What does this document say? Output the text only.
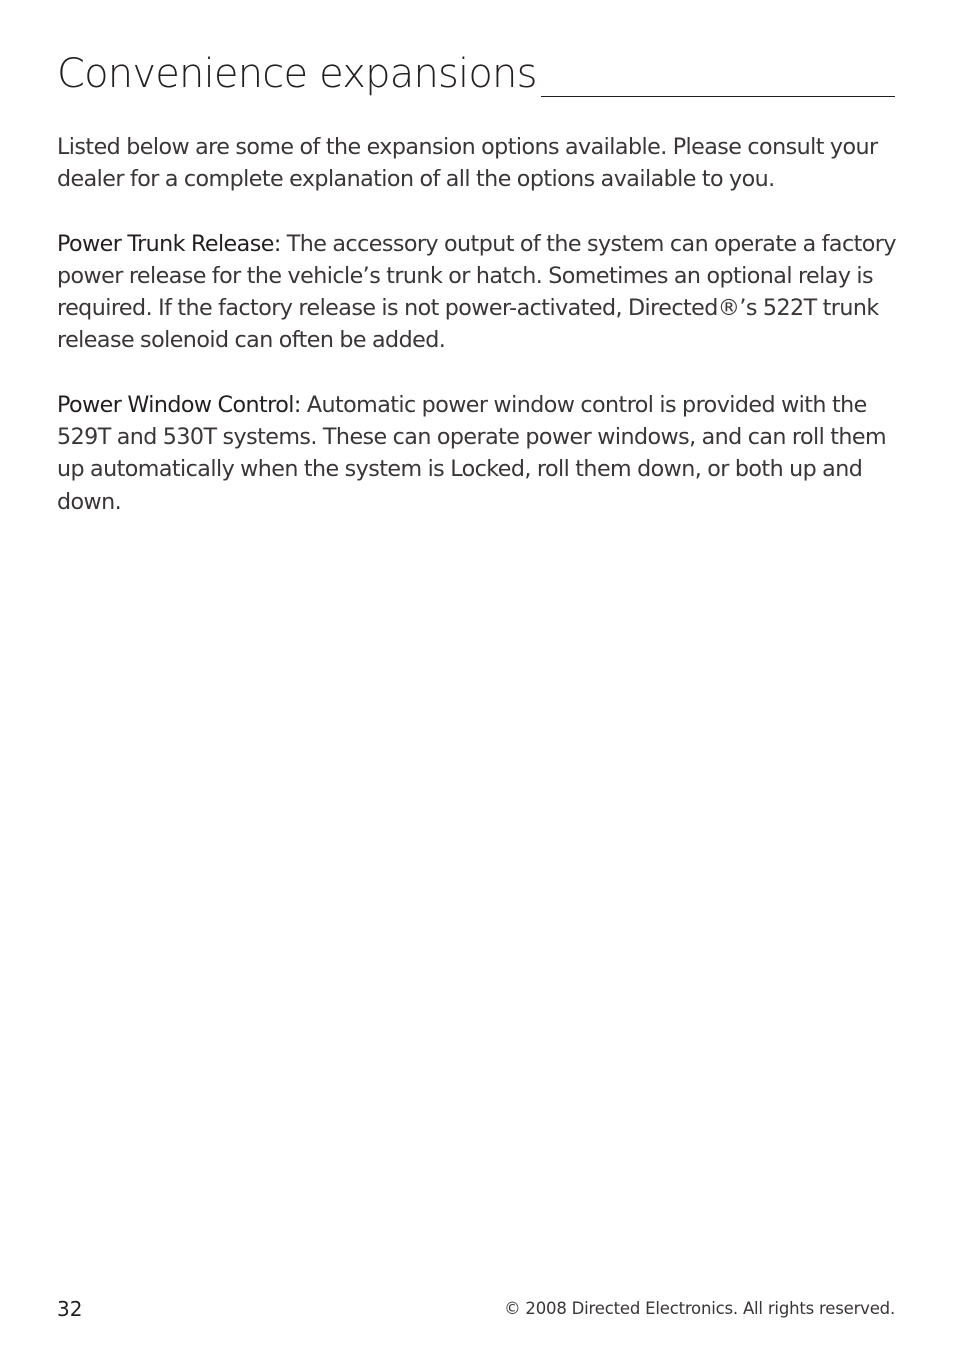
Convenience expansions

Listed below are some of the expansion options available. Please consult your dealer for a complete explanation of all the options available to you.

Power Trunk Release: The accessory output of the system can operate a factory power release for the vehicle’s trunk or hatch. Sometimes an optional relay is required. If the factory release is not power-activated, Directed®’s 522T trunk release solenoid can often be added.

Power Window Control: Automatic power window control is provided with the 529T and 530T systems. These can operate power windows, and can roll them up automatically when the system is Locked, roll them down, or both up and down.

32	© 2008 Directed Electronics. All rights reserved.
